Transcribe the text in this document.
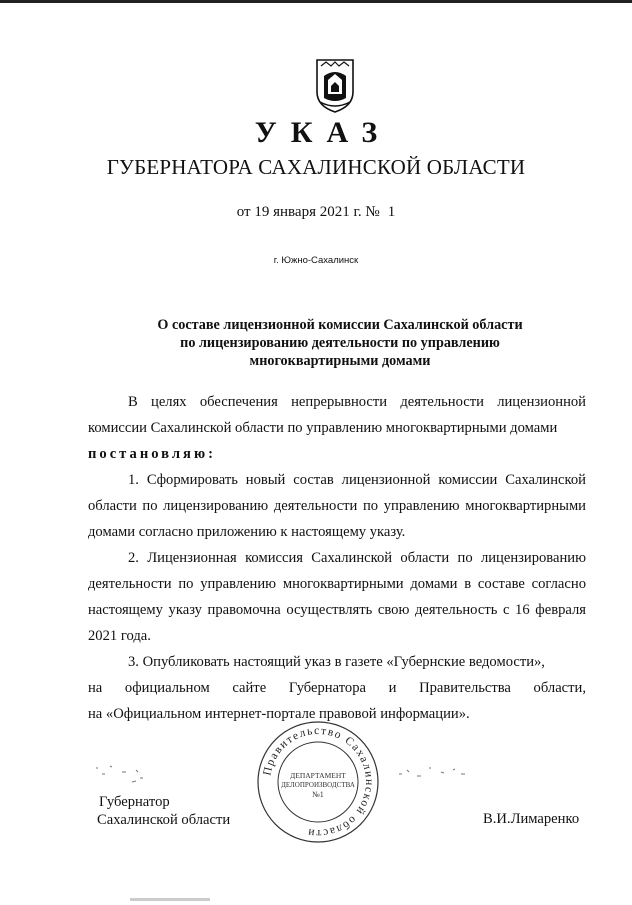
УКАЗ
ГУБЕРНАТОРА САХАЛИНСКОЙ ОБЛАСТИ
от 19 января 2021 г. № 1
г. Южно-Сахалинск
О составе лицензионной комиссии Сахалинской области
по лицензированию деятельности по управлению
многоквартирными домами

В целях обеспечения непрерывности деятельности лицензионной комиссии Сахалинской области по управлению многоквартирными домами

постановляю:

1. Сформировать новый состав лицензионной комиссии Сахалинской области по лицензированию деятельности по управлению многоквартирными домами согласно приложению к настоящему указу.

2. Лицензионная комиссия Сахалинской области по лицензированию деятельности по управлению многоквартирными домами в составе согласно настоящему указу правомочна осуществлять свою деятельность с 16 февраля 2021 года.

3. Опубликовать настоящий указ в газете «Губернские ведомости»,

на официальном сайте Губернатора и Правительства области,

на «Официальном интернет-портале правовой информации».

Губернатор
Сахалинской области	В.И.Лимаренко
Правительство Сахалинской области
ДЕПАРТАМЕНТ
ДЕЛОПРОИЗВОДСТВА
№1
